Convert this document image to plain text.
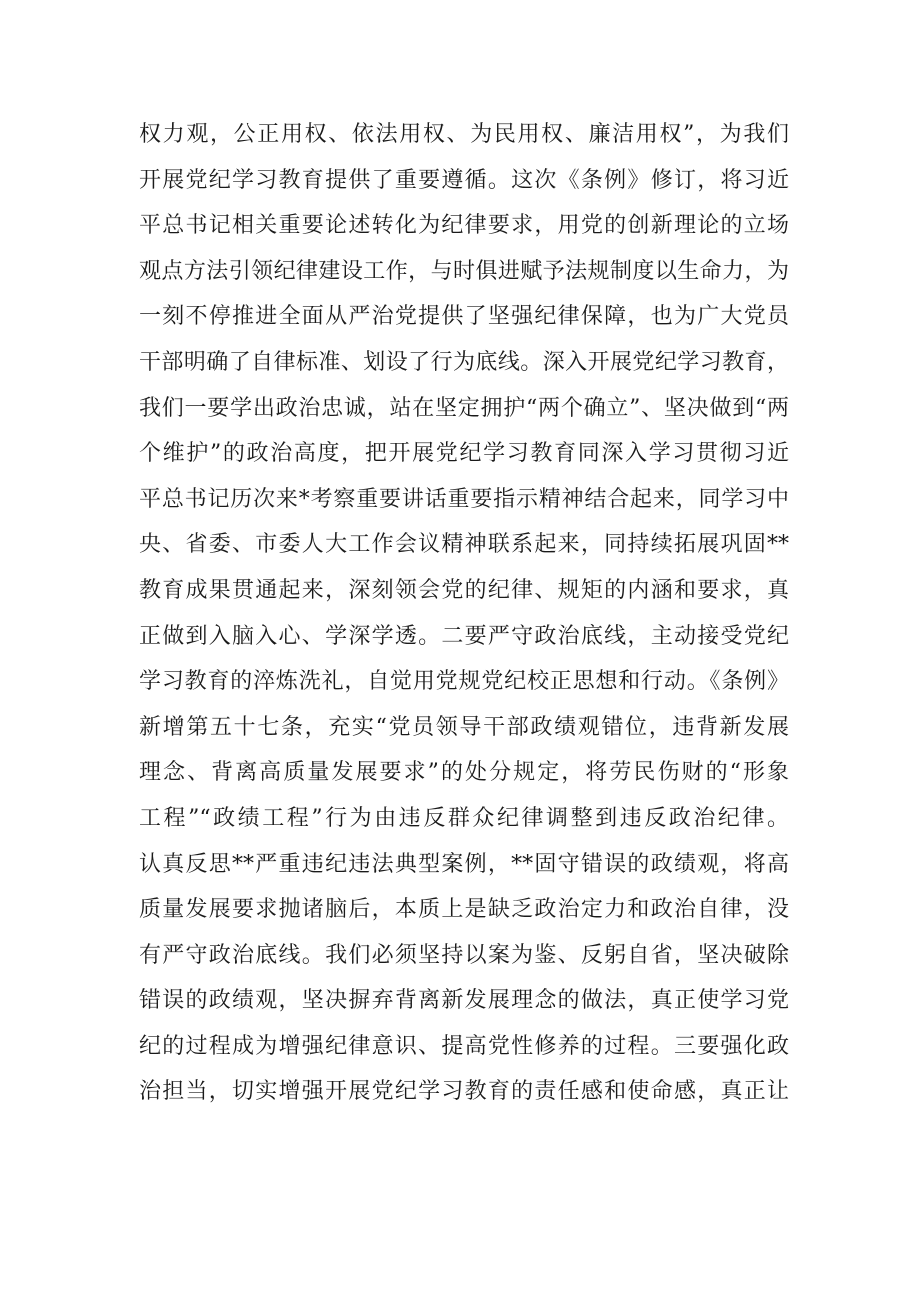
权力观，公正用权、依法用权、为民用权、廉洁用权”，为我们
开展党纪学习教育提供了重要遵循。这次《条例》修订，将习近
平总书记相关重要论述转化为纪律要求，用党的创新理论的立场
观点方法引领纪律建设工作，与时俱进赋予法规制度以生命力，为
一刻不停推进全面从严治党提供了坚强纪律保障，也为广大党员
干部明确了自律标准、划设了行为底线。深入开展党纪学习教育，
我们一要学出政治忠诚，站在坚定拥护“两个确立”、坚决做到“两
个维护”的政治高度，把开展党纪学习教育同深入学习贯彻习近
平总书记历次来*考察重要讲话重要指示精神结合起来，同学习中
央、省委、市委人大工作会议精神联系起来，同持续拓展巩固**
教育成果贯通起来，深刻领会党的纪律、规矩的内涵和要求，真
正做到入脑入心、学深学透。二要严守政治底线，主动接受党纪
学习教育的淬炼洗礼，自觉用党规党纪校正思想和行动。《条例》
新增第五十七条，充实“党员领导干部政绩观错位，违背新发展
理念、背离高质量发展要求”的处分规定，将劳民伤财的“形象
工程”“政绩工程”行为由违反群众纪律调整到违反政治纪律。
认真反思**严重违纪违法典型案例，**固守错误的政绩观，将高
质量发展要求抛诸脑后，本质上是缺乏政治定力和政治自律，没
有严守政治底线。我们必须坚持以案为鉴、反躬自省，坚决破除
错误的政绩观，坚决摒弃背离新发展理念的做法，真正使学习党
纪的过程成为增强纪律意识、提高党性修养的过程。三要强化政
治担当，切实增强开展党纪学习教育的责任感和使命感，真正让
